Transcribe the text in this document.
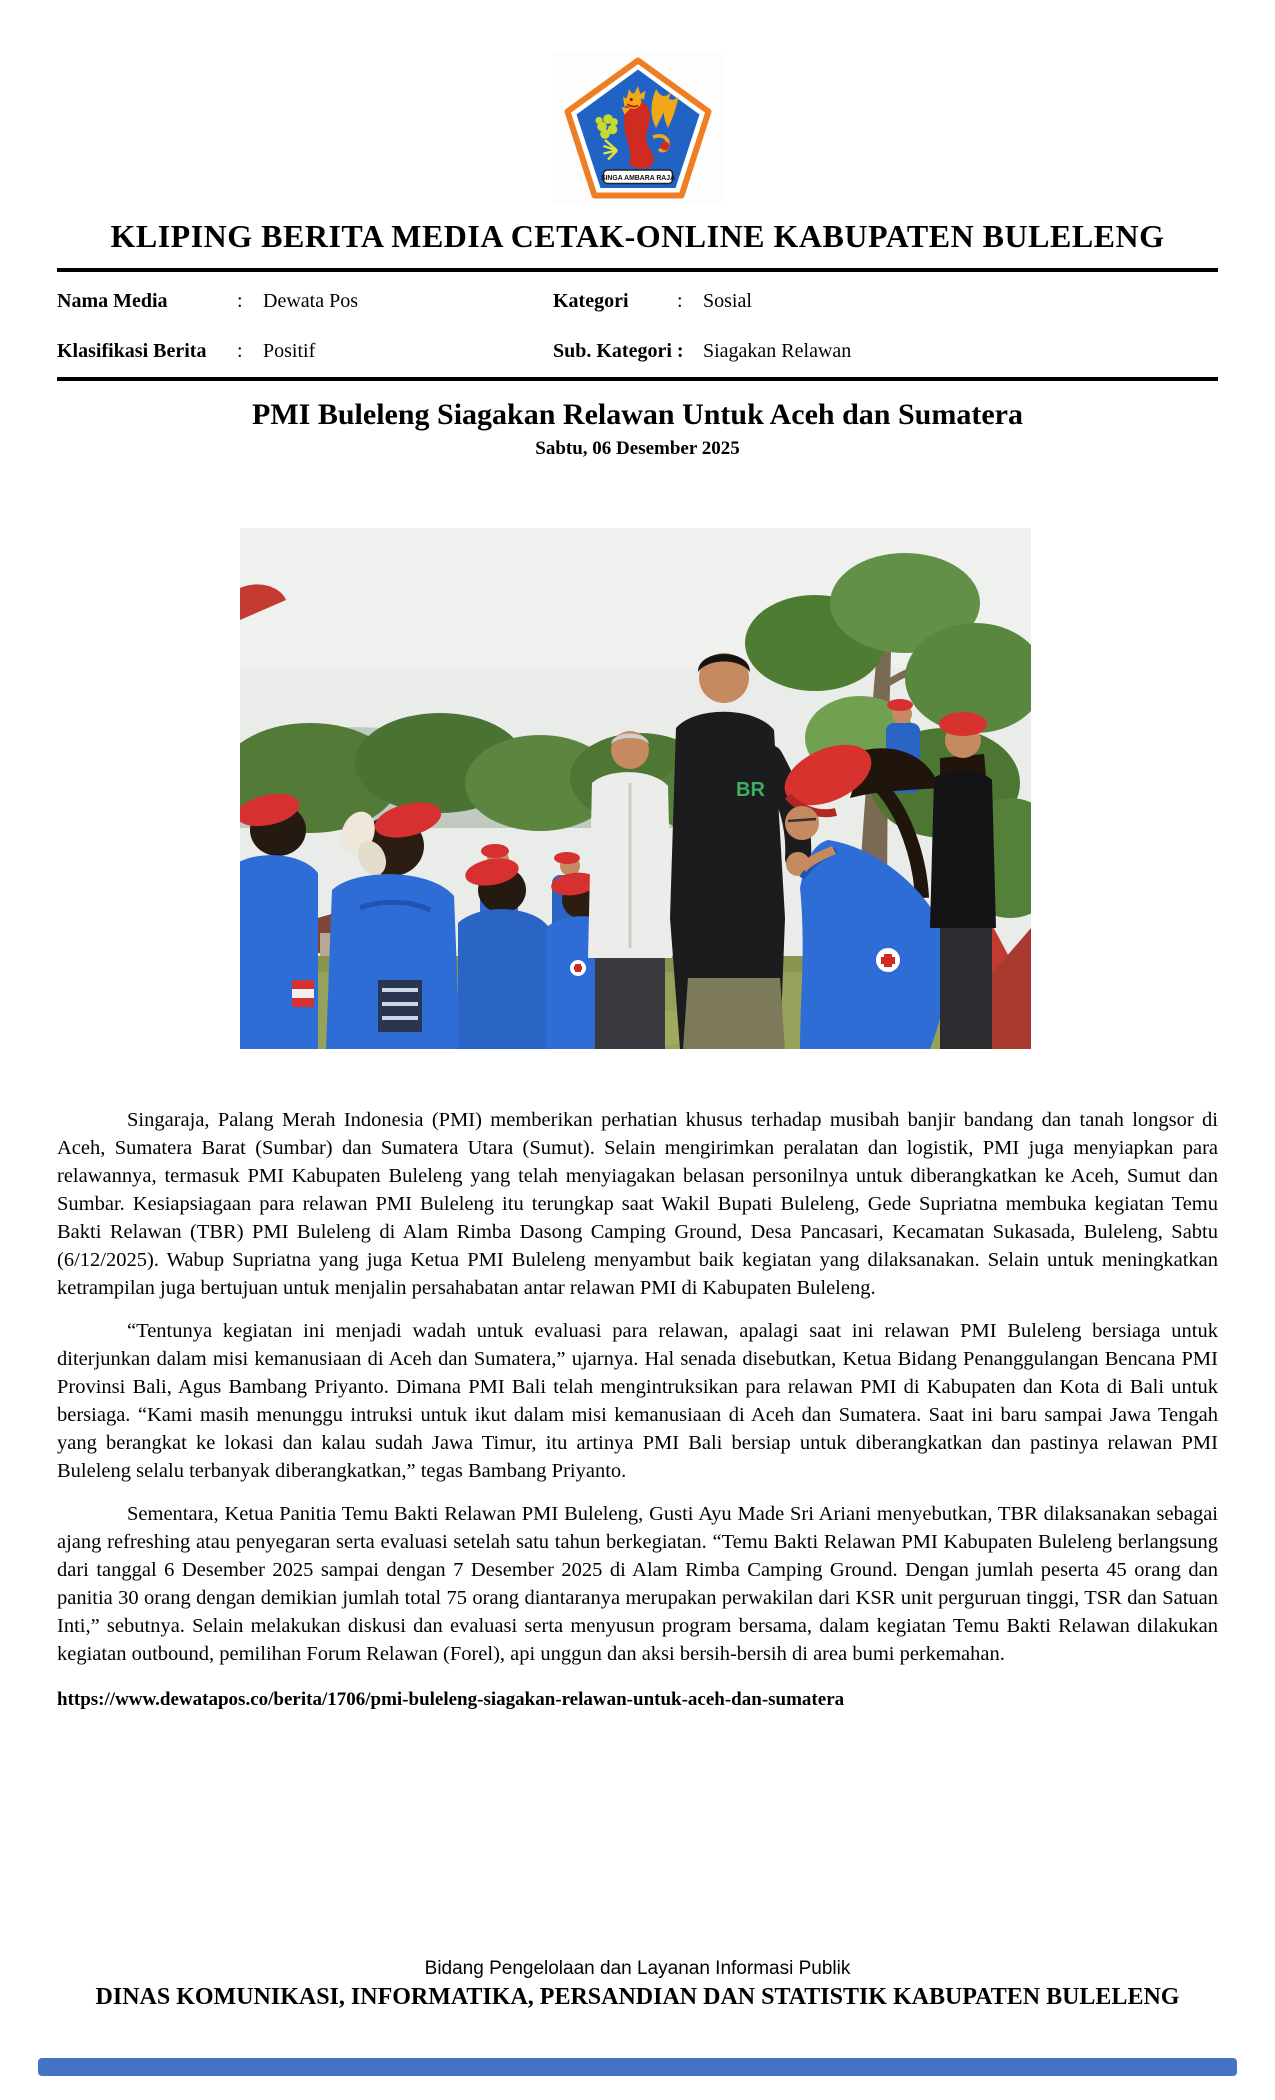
SINGA AMBARA RAJA
KLIPING BERITA MEDIA CETAK-ONLINE KABUPATEN BULELENG
Nama Media	:	Dewata Pos	Kategori	:	Sosial
Klasifikasi Berita	:	Positif	Sub. Kategori : Siagakan Relawan
PMI Buleleng Siagakan Relawan Untuk Aceh dan Sumatera
Sabtu, 06 Desember 2025
BR

Singaraja, Palang Merah Indonesia (PMI) memberikan perhatian khusus terhadap musibah banjir bandang dan tanah longsor di Aceh, Sumatera Barat (Sumbar) dan Sumatera Utara (Sumut). Selain mengirimkan peralatan dan logistik, PMI juga menyiapkan para relawannya, termasuk PMI Kabupaten Buleleng yang telah menyiagakan belasan personilnya untuk diberangkatkan ke Aceh, Sumut dan Sumbar. Kesiapsiagaan para relawan PMI Buleleng itu terungkap saat Wakil Bupati Buleleng, Gede Supriatna membuka kegiatan Temu Bakti Relawan (TBR) PMI Buleleng di Alam Rimba Dasong Camping Ground, Desa Pancasari, Kecamatan Sukasada, Buleleng, Sabtu (6/12/2025). Wabup Supriatna yang juga Ketua PMI Buleleng menyambut baik kegiatan yang dilaksanakan. Selain untuk meningkatkan ketrampilan juga bertujuan untuk menjalin persahabatan antar relawan PMI di Kabupaten Buleleng.

“Tentunya kegiatan ini menjadi wadah untuk evaluasi para relawan, apalagi saat ini relawan PMI Buleleng bersiaga untuk diterjunkan dalam misi kemanusiaan di Aceh dan Sumatera,” ujarnya. Hal senada disebutkan, Ketua Bidang Penanggulangan Bencana PMI Provinsi Bali, Agus Bambang Priyanto. Dimana PMI Bali telah mengintruksikan para relawan PMI di Kabupaten dan Kota di Bali untuk bersiaga. “Kami masih menunggu intruksi untuk ikut dalam misi kemanusiaan di Aceh dan Sumatera. Saat ini baru sampai Jawa Tengah yang berangkat ke lokasi dan kalau sudah Jawa Timur, itu artinya PMI Bali bersiap untuk diberangkatkan dan pastinya relawan PMI Buleleng selalu terbanyak diberangkatkan,” tegas Bambang Priyanto.

Sementara, Ketua Panitia Temu Bakti Relawan PMI Buleleng, Gusti Ayu Made Sri Ariani menyebutkan, TBR dilaksanakan sebagai ajang refreshing atau penyegaran serta evaluasi setelah satu tahun berkegiatan. “Temu Bakti Relawan PMI Kabupaten Buleleng berlangsung dari tanggal 6 Desember 2025 sampai dengan 7 Desember 2025 di Alam Rimba Camping Ground. Dengan jumlah peserta 45 orang dan panitia 30 orang dengan demikian jumlah total 75 orang diantaranya merupakan perwakilan dari KSR unit perguruan tinggi, TSR dan Satuan Inti,” sebutnya. Selain melakukan diskusi dan evaluasi serta menyusun program bersama, dalam kegiatan Temu Bakti Relawan dilakukan kegiatan outbound, pemilihan Forum Relawan (Forel), api unggun dan aksi bersih-bersih di area bumi perkemahan.

https://www.dewatapos.co/berita/1706/pmi-buleleng-siagakan-relawan-untuk-aceh-dan-sumatera
Bidang Pengelolaan dan Layanan Informasi Publik
DINAS KOMUNIKASI, INFORMATIKA, PERSANDIAN DAN STATISTIK KABUPATEN BULELENG
